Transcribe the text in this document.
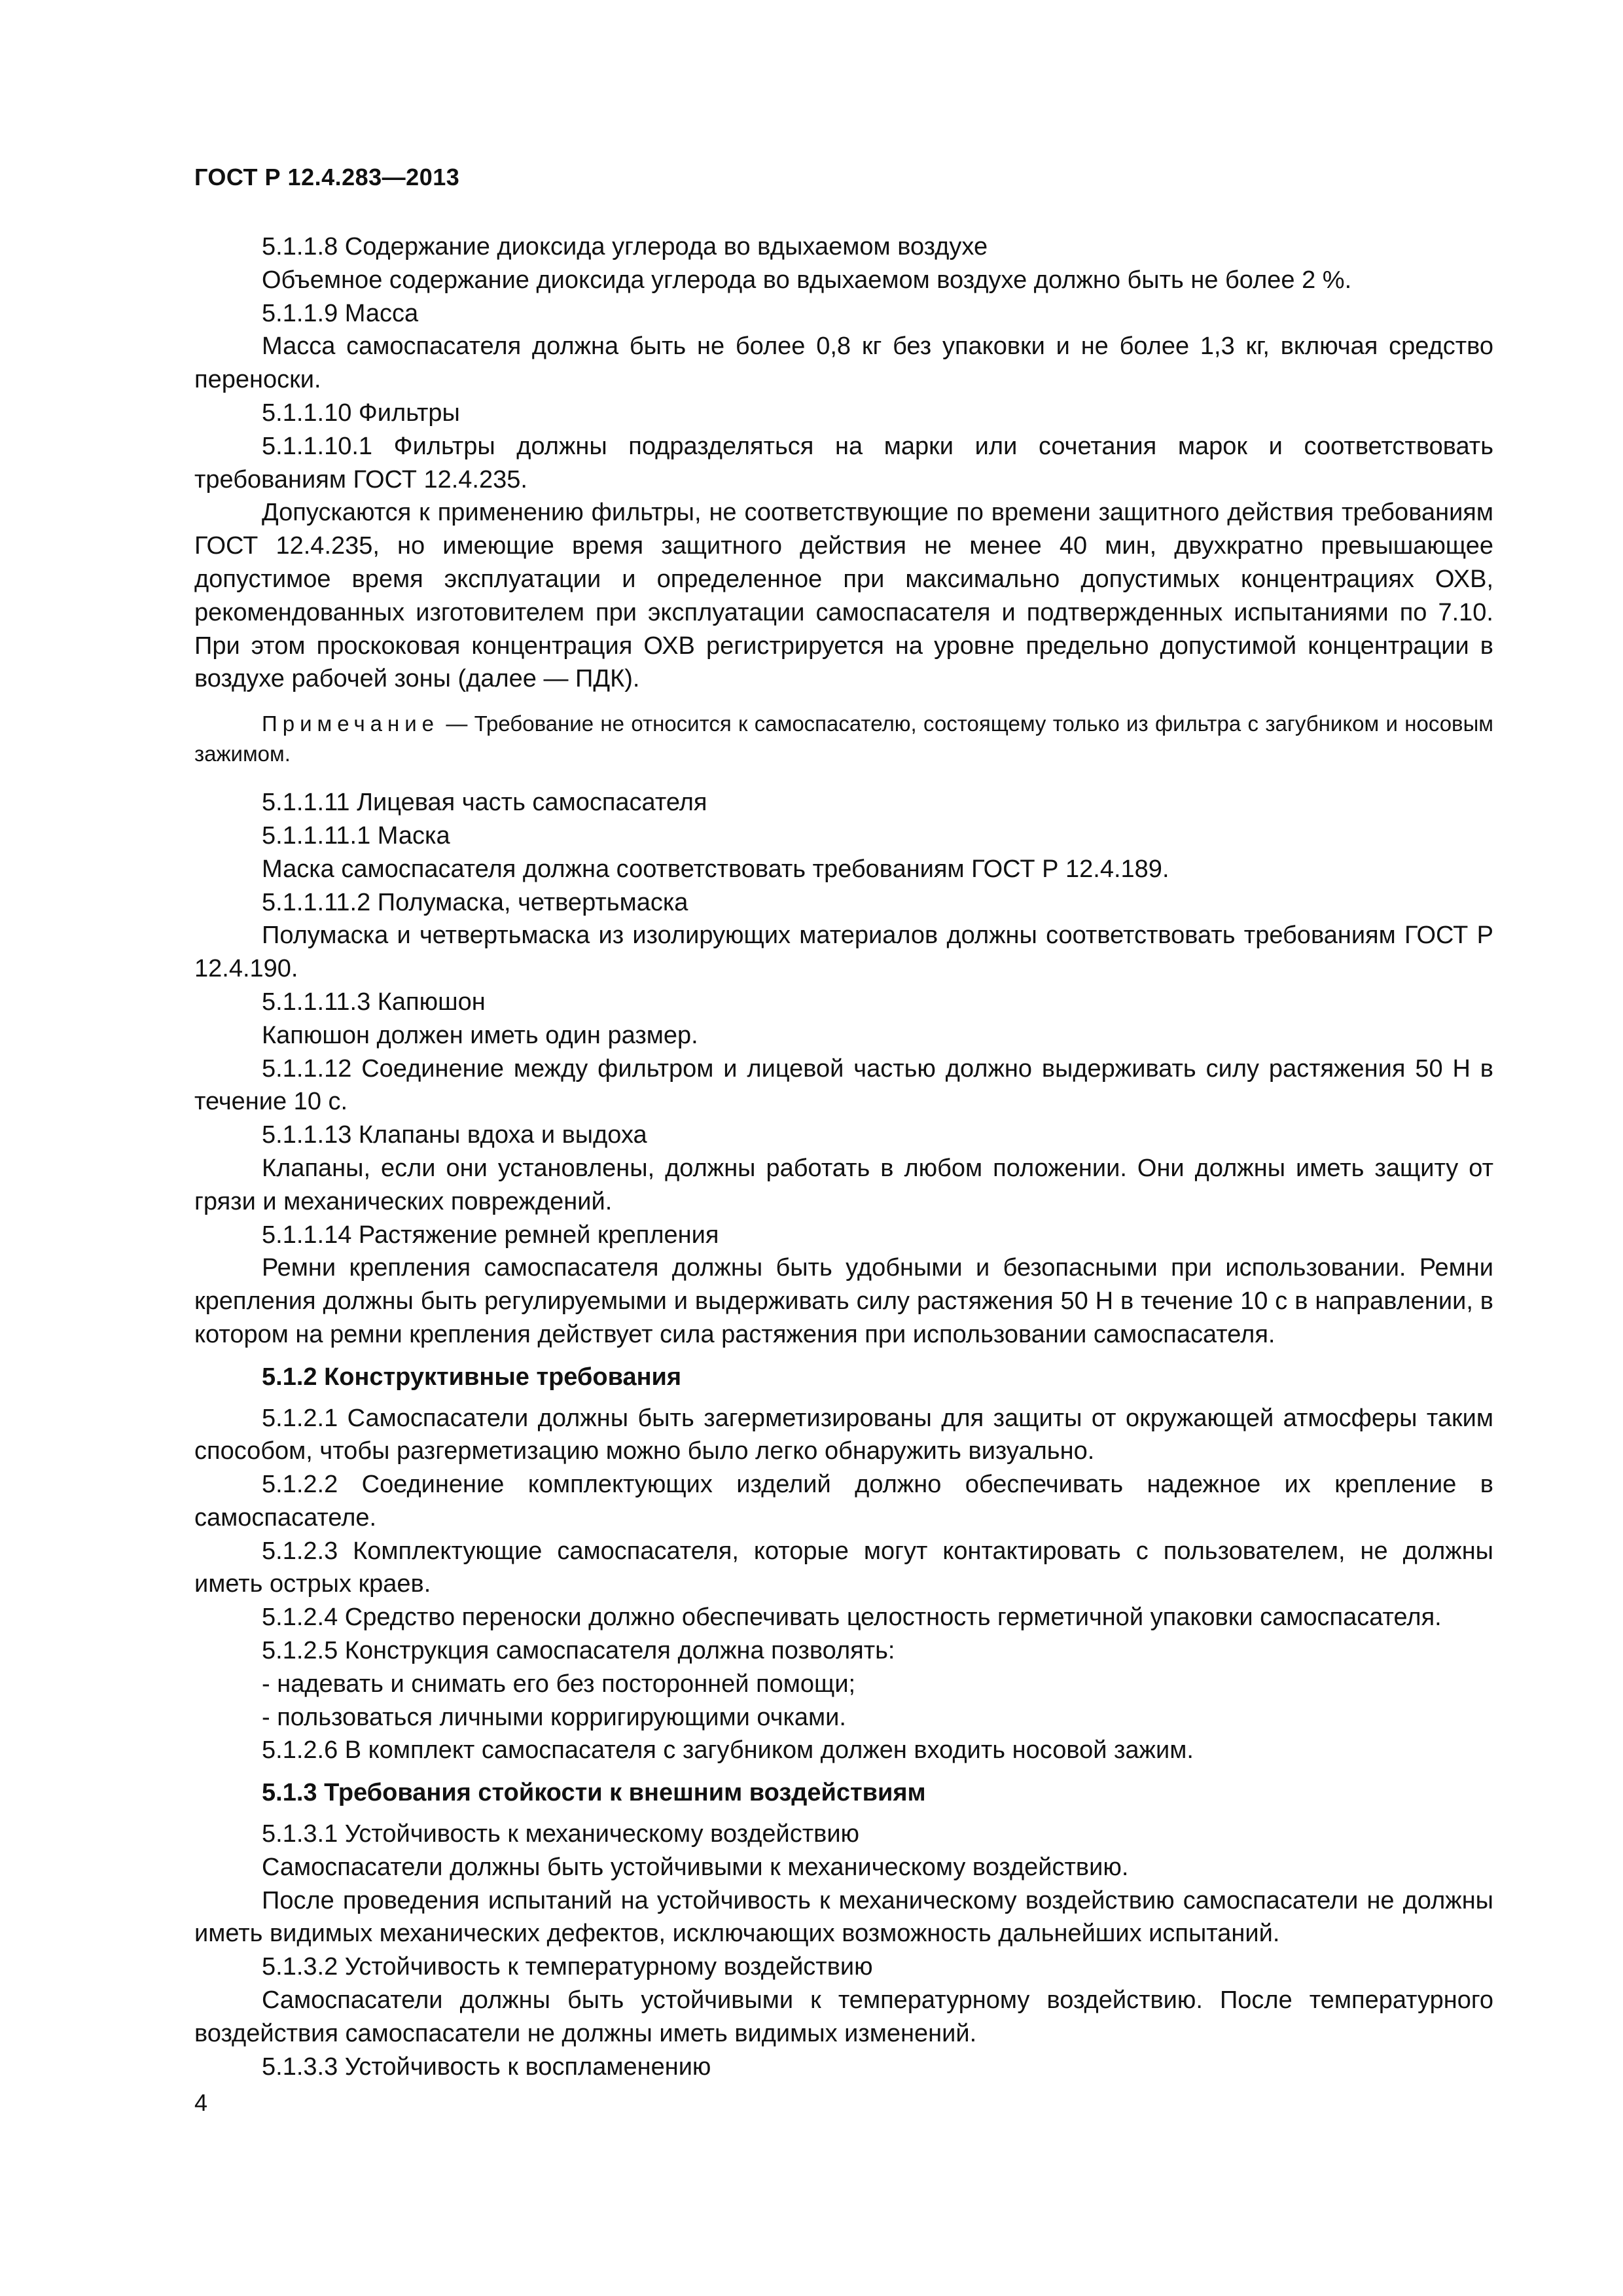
ГОСТ Р 12.4.283—2013

5.1.1.8 Содержание диоксида углерода во вдыхаемом воздухе

Объемное содержание диоксида углерода во вдыхаемом воздухе должно быть не более 2 %.

5.1.1.9 Масса

Масса самоспасателя должна быть не более 0,8 кг без упаковки и не более 1,3 кг, включая средство переноски.

5.1.1.10 Фильтры

5.1.1.10.1 Фильтры должны подразделяться на марки или сочетания марок и соответствовать требованиям ГОСТ 12.4.235.

Допускаются к применению фильтры, не соответствующие по времени защитного действия требованиям ГОСТ 12.4.235, но имеющие время защитного действия не менее 40 мин, двухкратно превышающее допустимое время эксплуатации и определенное при максимально допустимых концентрациях ОХВ, рекомендованных изготовителем при эксплуатации самоспасателя и подтвержденных испытаниями по 7.10. При этом проскоковая концентрация ОХВ регистрируется на уровне предельно допустимой концентрации в воздухе рабочей зоны (далее — ПДК).

Примечание — Требование не относится к самоспасателю, состоящему только из фильтра с загубником и носовым зажимом.

5.1.1.11 Лицевая часть самоспасателя

5.1.1.11.1 Маска

Маска самоспасателя должна соответствовать требованиям ГОСТ Р 12.4.189.

5.1.1.11.2 Полумаска, четвертьмаска

Полумаска и четвертьмаска из изолирующих материалов должны соответствовать требованиям ГОСТ Р 12.4.190.

5.1.1.11.3 Капюшон

Капюшон должен иметь один размер.

5.1.1.12 Соединение между фильтром и лицевой частью должно выдерживать силу растяжения 50 Н в течение 10 с.

5.1.1.13 Клапаны вдоха и выдоха

Клапаны, если они установлены, должны работать в любом положении. Они должны иметь защиту от грязи и механических повреждений.

5.1.1.14 Растяжение ремней крепления

Ремни крепления самоспасателя должны быть удобными и безопасными при использовании. Ремни крепления должны быть регулируемыми и выдерживать силу растяжения 50 Н в течение 10 с в направлении, в котором на ремни крепления действует сила растяжения при использовании самоспасателя.

5.1.2 Конструктивные требования

5.1.2.1 Самоспасатели должны быть загерметизированы для защиты от окружающей атмосферы таким способом, чтобы разгерметизацию можно было легко обнаружить визуально.

5.1.2.2 Соединение комплектующих изделий должно обеспечивать надежное их крепление в самоспасателе.

5.1.2.3 Комплектующие самоспасателя, которые могут контактировать с пользователем, не должны иметь острых краев.

5.1.2.4 Средство переноски должно обеспечивать целостность герметичной упаковки самоспасателя.

5.1.2.5 Конструкция самоспасателя должна позволять:

- надевать и снимать его без посторонней помощи;

- пользоваться личными корригирующими очками.

5.1.2.6 В комплект самоспасателя с загубником должен входить носовой зажим.

5.1.3 Требования стойкости к внешним воздействиям

5.1.3.1 Устойчивость к механическому воздействию

Самоспасатели должны быть устойчивыми к механическому воздействию.

После проведения испытаний на устойчивость к механическому воздействию самоспасатели не должны иметь видимых механических дефектов, исключающих возможность дальнейших испытаний.

5.1.3.2 Устойчивость к температурному воздействию

Самоспасатели должны быть устойчивыми к температурному воздействию. После температурного воздействия самоспасатели не должны иметь видимых изменений.

5.1.3.3 Устойчивость к воспламенению

4
